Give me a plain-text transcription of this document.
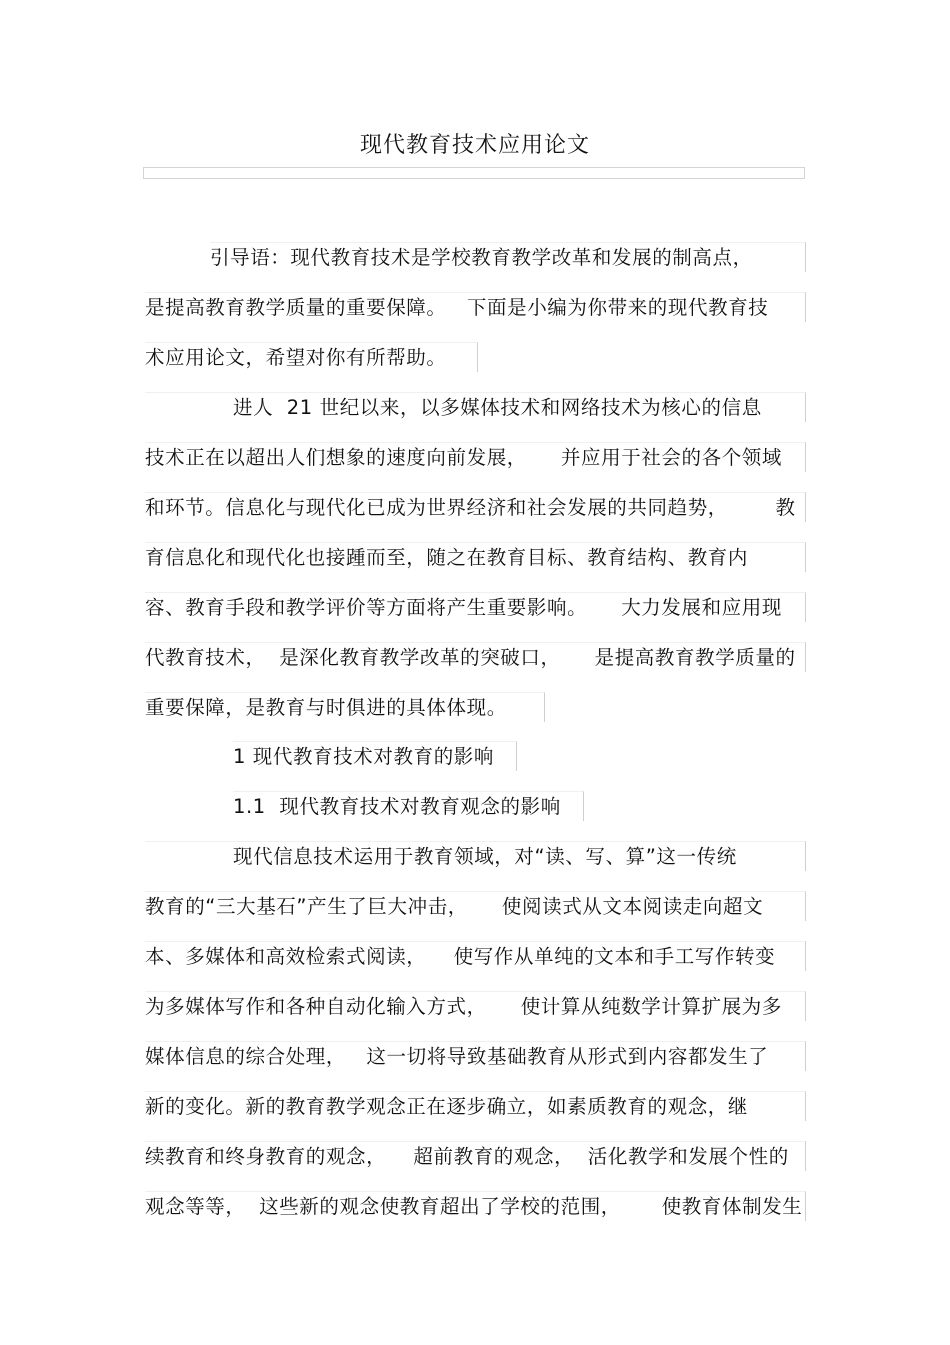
现代教育技术应用论文
引导语：现代教育技术是学校教育教学改革和发展的制高点，
是提高教育教学质量的重要保障。   下面是小编为你带来的现代教育技
术应用论文，希望对你有所帮助。
进人  21 世纪以来，以多媒体技术和网络技术为核心的信息
技术正在以超出人们想象的速度向前发展，     并应用于社会的各个领域
和环节。信息化与现代化已成为世界经济和社会发展的共同趋势，       教
育信息化和现代化也接踵而至，随之在教育目标、教育结构、教育内
容、教育手段和教学评价等方面将产生重要影响。     大力发展和应用现
代教育技术，  是深化教育教学改革的突破口，     是提高教育教学质量的
重要保障，是教育与时俱进的具体体现。
1 现代教育技术对教育的影响
1.1  现代教育技术对教育观念的影响
现代信息技术运用于教育领域，对“读、写、算”这一传统
教育的“三大基石”产生了巨大冲击，     使阅读式从文本阅读走向超文
本、多媒体和高效检索式阅读，    使写作从单纯的文本和手工写作转变
为多媒体写作和各种自动化输入方式，     使计算从纯数学计算扩展为多
媒体信息的综合处理，   这一切将导致基础教育从形式到内容都发生了
新的变化。新的教育教学观念正在逐步确立，如素质教育的观念，继
续教育和终身教育的观念，    超前教育的观念，  活化教学和发展个性的
观念等等，  这些新的观念使教育超出了学校的范围，      使教育体制发生
